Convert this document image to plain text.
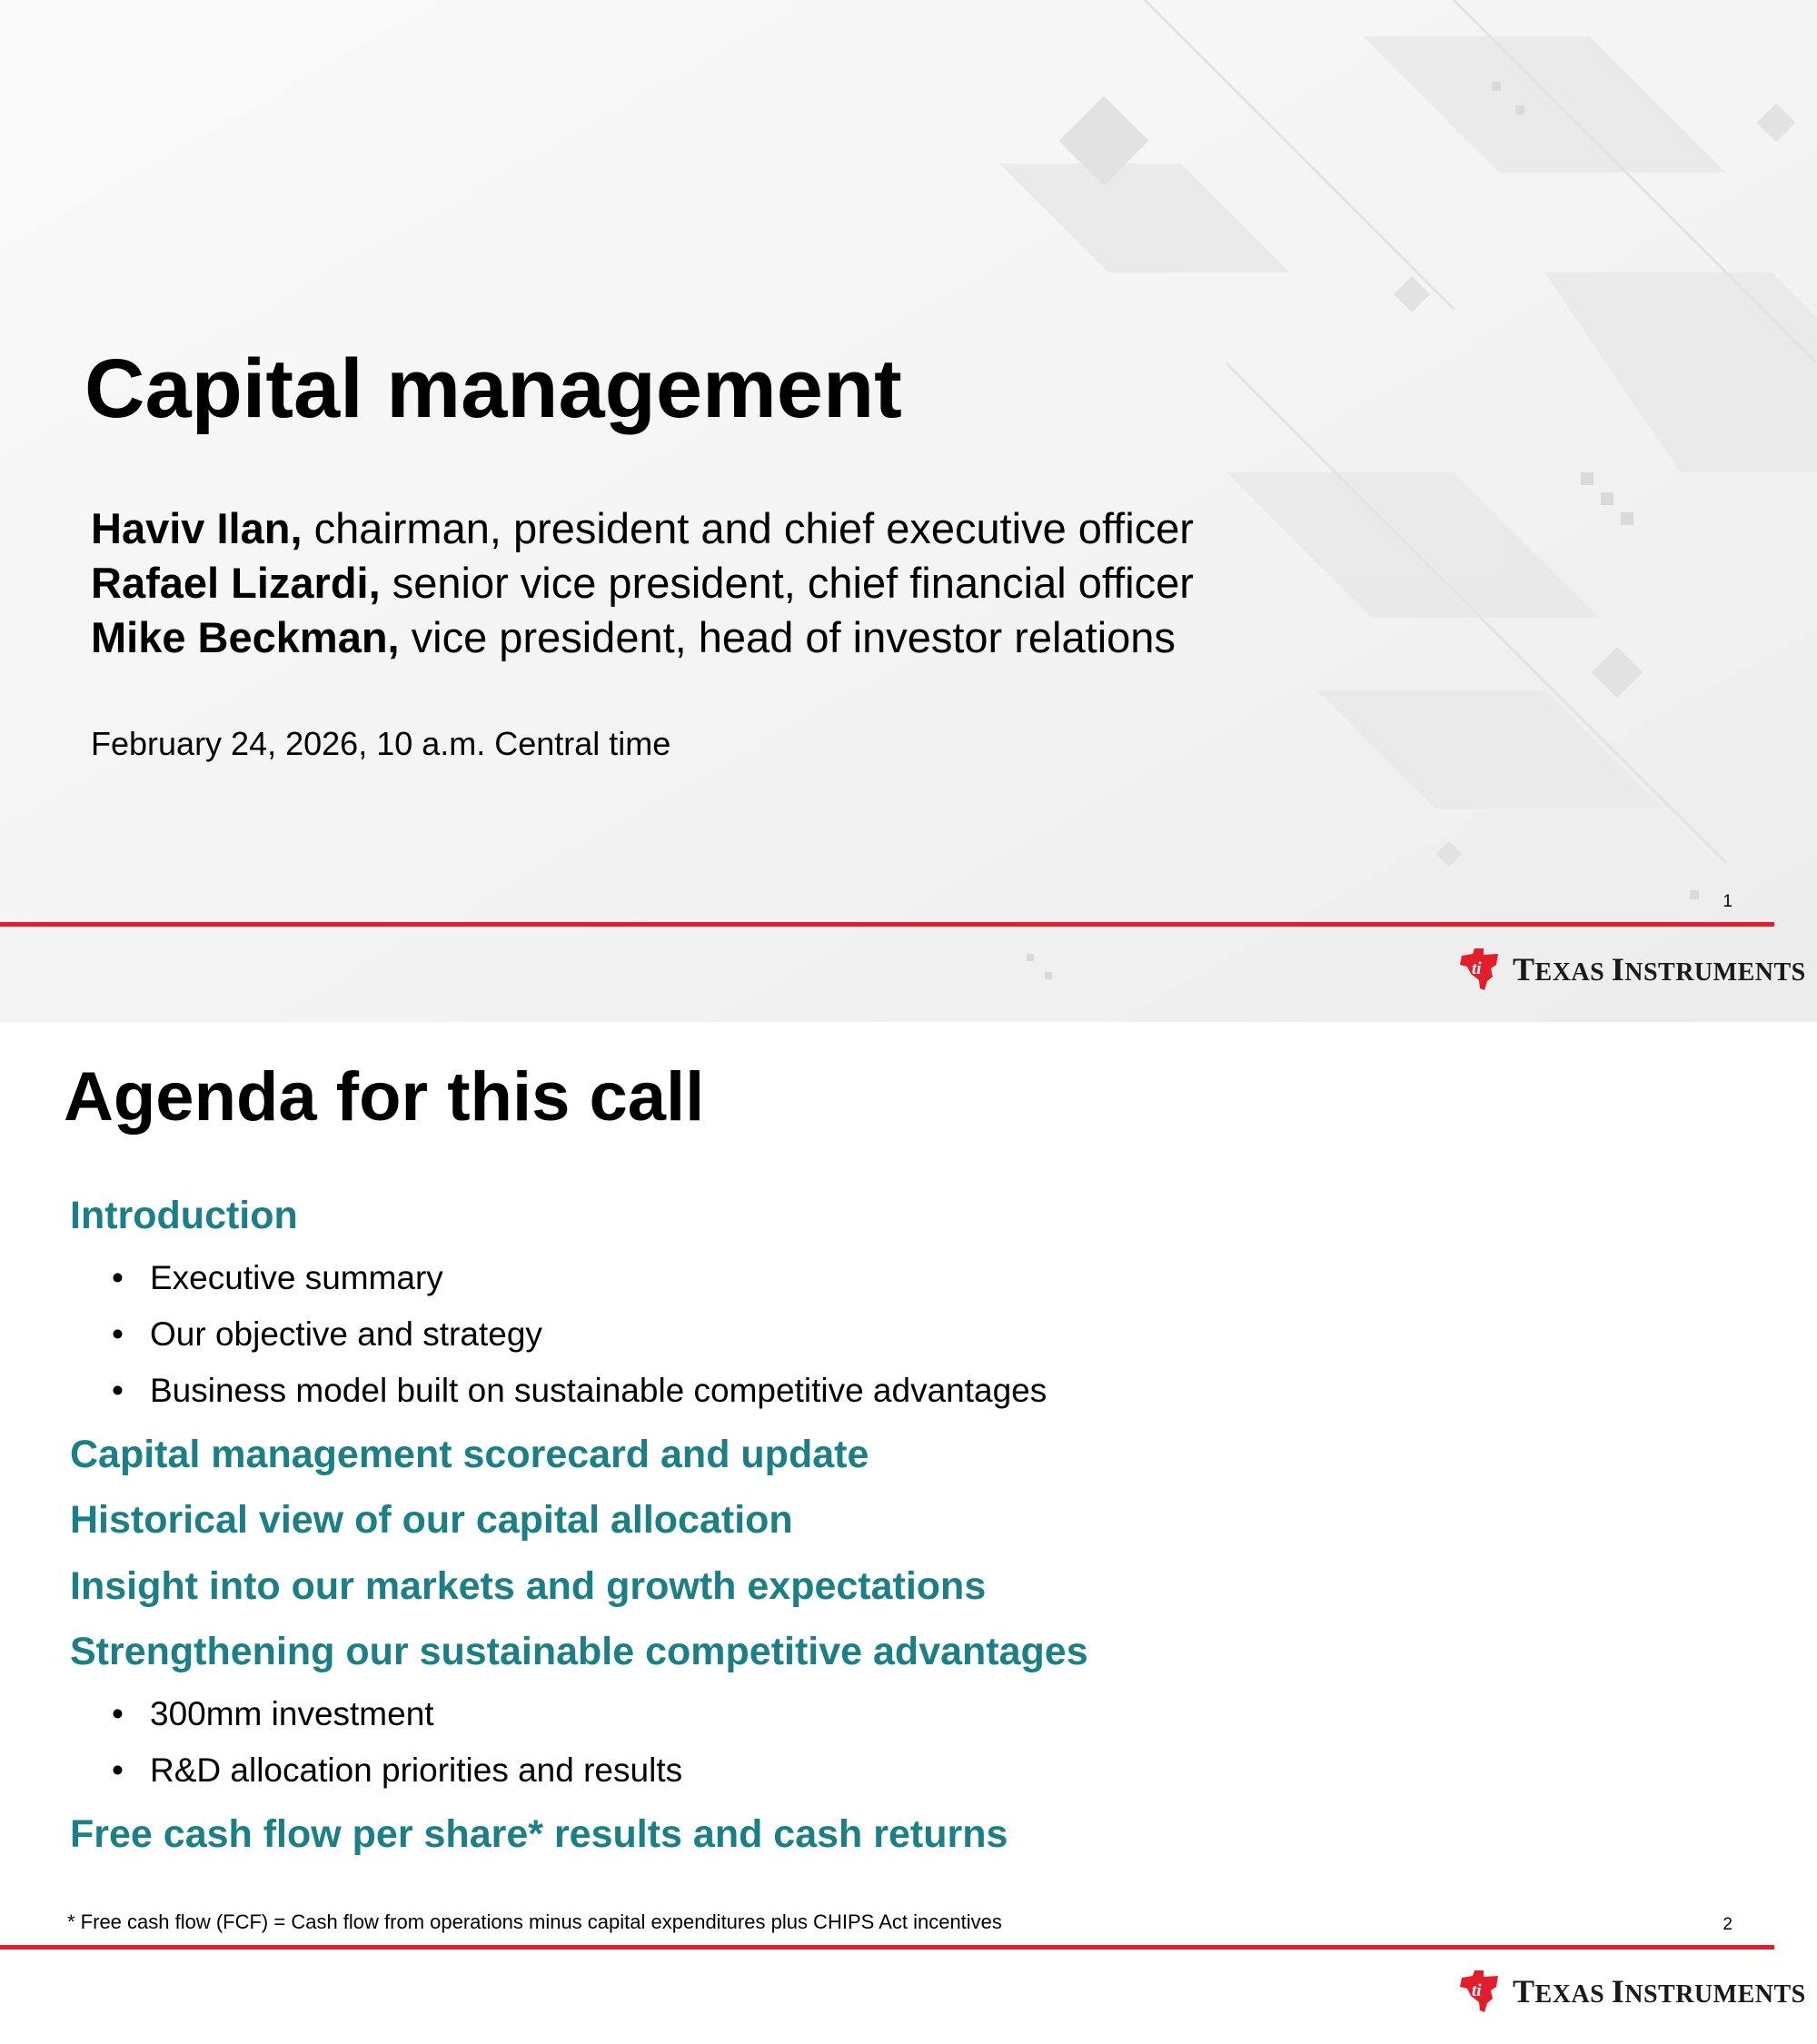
Capital management
Haviv Ilan, chairman, president and chief executive officer
Rafael Lizardi, senior vice president, chief financial officer
Mike Beckman, vice president, head of investor relations
February 24, 2026, 10 a.m. Central time
1
ti TEXAS INSTRUMENTS
Agenda for this call
Introduction
• Executive summary
• Our objective and strategy
• Business model built on sustainable competitive advantages
Capital management scorecard and update
Historical view of our capital allocation
Insight into our markets and growth expectations
Strengthening our sustainable competitive advantages
• 300mm investment
• R&D allocation priorities and results
Free cash flow per share* results and cash returns
* Free cash flow (FCF) = Cash flow from operations minus capital expenditures plus CHIPS Act incentives	2
ti TEXAS INSTRUMENTS
